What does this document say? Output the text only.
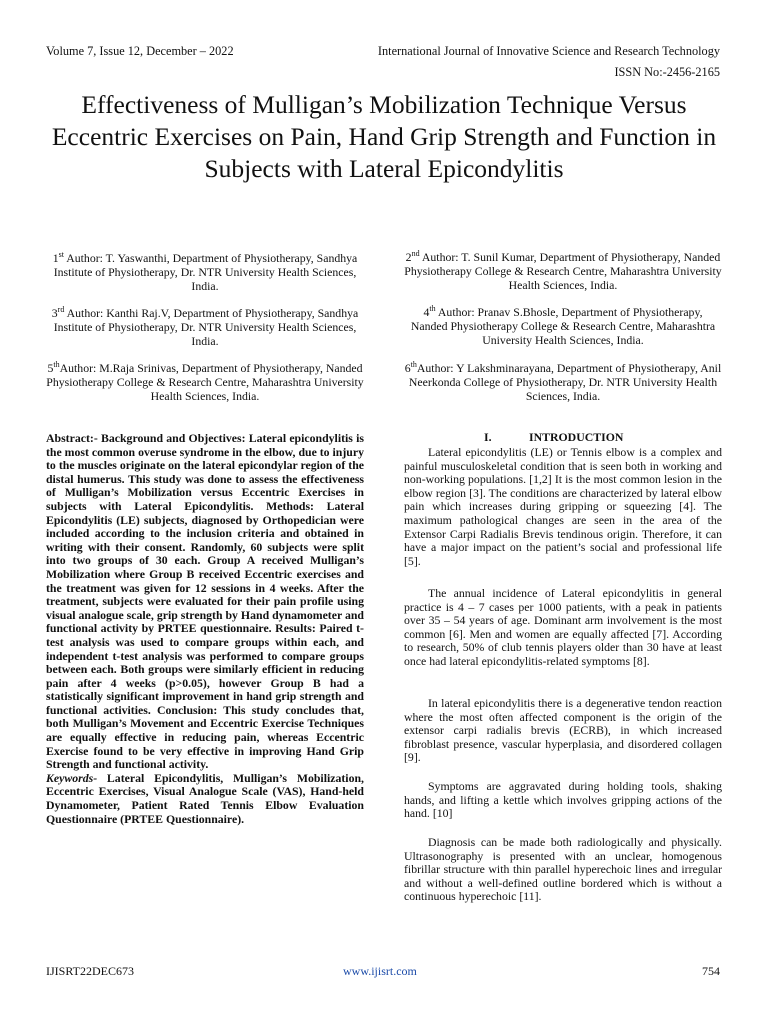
Volume 7, Issue 12, December – 2022	International Journal of Innovative Science and Research Technology
ISSN No:-2456-2165
Effectiveness of Mulligan’s Mobilization Technique Versus Eccentric Exercises on Pain, Hand Grip Strength and Function in Subjects with Lateral Epicondylitis
1st Author: T. Yaswanthi, Department of Physiotherapy, Sandhya Institute of Physiotherapy, Dr. NTR University Health Sciences, India.
3rd Author: Kanthi Raj.V, Department of Physiotherapy, Sandhya Institute of Physiotherapy, Dr. NTR University Health Sciences, India.
5thAuthor: M.Raja Srinivas, Department of Physiotherapy, Nanded Physiotherapy College & Research Centre, Maharashtra University Health Sciences, India.
2nd Author: T. Sunil Kumar, Department of Physiotherapy, Nanded Physiotherapy College & Research Centre, Maharashtra University Health Sciences, India.
4th Author: Pranav S.Bhosle, Department of Physiotherapy, Nanded Physiotherapy College & Research Centre, Maharashtra University Health Sciences, India.
6thAuthor: Y Lakshminarayana, Department of Physiotherapy, Anil Neerkonda College of Physiotherapy, Dr. NTR University Health Sciences, India.

Abstract:- Background and Objectives: Lateral epicondylitis is the most common overuse syndrome in the elbow, due to injury to the muscles originate on the lateral epicondylar region of the distal humerus. This study was done to assess the effectiveness of Mulligan’s Mobilization versus Eccentric Exercises in subjects with Lateral Epicondylitis. Methods: Lateral Epicondylitis (LE) subjects, diagnosed by Orthopedician were included according to the inclusion criteria and obtained in writing with their consent. Randomly, 60 subjects were split into two groups of 30 each. Group A received Mulligan’s Mobilization where Group B received Eccentric exercises and the treatment was given for 12 sessions in 4 weeks. After the treatment, subjects were evaluated for their pain profile using visual analogue scale, grip strength by Hand dynamometer and functional activity by PRTEE questionnaire. Results: Paired t-test analysis was used to compare groups within each, and independent t-test analysis was performed to compare groups between each. Both groups were similarly efficient in reducing pain after 4 weeks (p>0.05), however Group B had a statistically significant improvement in hand grip strength and functional activities. Conclusion: This study concludes that, both Mulligan’s Movement and Eccentric Exercise Techniques are equally effective in reducing pain, whereas Eccentric Exercise found to be very effective in improving Hand Grip Strength and functional activity.
Keywords- Lateral Epicondylitis, Mulligan’s Mobilization, Eccentric Exercises, Visual Analogue Scale (VAS), Hand-held Dynamometer, Patient Rated Tennis Elbow Evaluation Questionnaire (PRTEE Questionnaire).

I.	INTRODUCTION

Lateral epicondylitis (LE) or Tennis elbow is a complex and painful musculoskeletal condition that is seen both in working and non-working populations. [1,2] It is the most common lesion in the elbow region [3]. The conditions are characterized by lateral elbow pain which increases during gripping or squeezing [4]. The maximum pathological changes are seen in the area of the Extensor Carpi Radialis Brevis tendinous origin. Therefore, it can have a major impact on the patient’s social and professional life [5].

The annual incidence of Lateral epicondylitis in general practice is 4 – 7 cases per 1000 patients, with a peak in patients over 35 – 54 years of age. Dominant arm involvement is the most common [6]. Men and women are equally affected [7]. According to research, 50% of club tennis players older than 30 have at least once had lateral epicondylitis-related symptoms [8].

In lateral epicondylitis there is a degenerative tendon reaction where the most often affected component is the origin of the extensor carpi radialis brevis (ECRB), in which increased fibroblast presence, vascular hyperplasia, and disordered collagen [9].

Symptoms are aggravated during holding tools, shaking hands, and lifting a kettle which involves gripping actions of the hand. [10]

Diagnosis can be made both radiologically and physically. Ultrasonography is presented with an unclear, homogenous fibrillar structure with thin parallel hyperechoic lines and irregular and without a well-defined outline bordered which is without a continuous hyperechoic [11].

IJISRT22DEC673	www.ijisrt.com	754
